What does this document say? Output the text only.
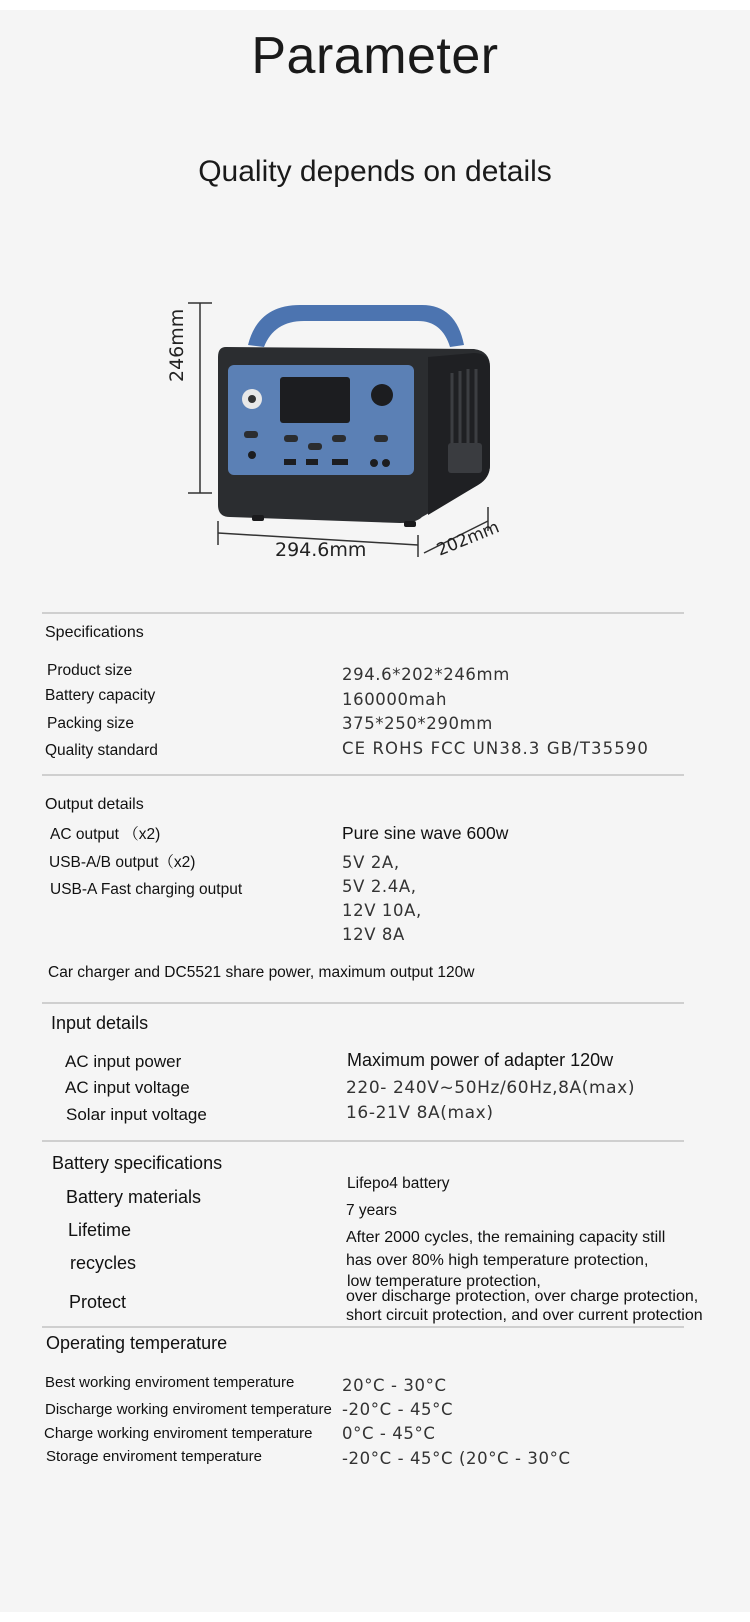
Parameter
Quality depends on details
246mm
294.6mm	202mm
Specifications
Product size
Battery capacity
Packing size
Quality standard
294.6*202*246mm
160000mah
375*250*290mm
CE ROHS FCC UN38.3 GB/T35590
Output details
AC output （x2)
USB-A/B output（x2)
USB-A Fast charging output
Pure sine wave 600w
5V 2A,
5V 2.4A,
12V 10A,
12V 8A
Car charger and DC5521 share power, maximum output 120w
Input details
AC input power
AC input voltage
Solar input voltage
Maximum power of adapter 120w
220- 240V~50Hz/60Hz,8A(max)
16-21V 8A(max)
Battery specifications
Battery materials
Lifetime
recycles
Protect
Lifepo4 battery
7 years
After 2000 cycles, the remaining capacity still
has over 80% high temperature protection,
low temperature protection,
over discharge protection, over charge protection,
short circuit protection, and over current protection
Operating temperature
Best working enviroment temperature
Discharge working enviroment temperature
Charge working enviroment temperature
Storage enviroment temperature
20°C - 30°C
-20°C - 45°C
0°C - 45°C
-20°C - 45°C (20°C - 30°C
